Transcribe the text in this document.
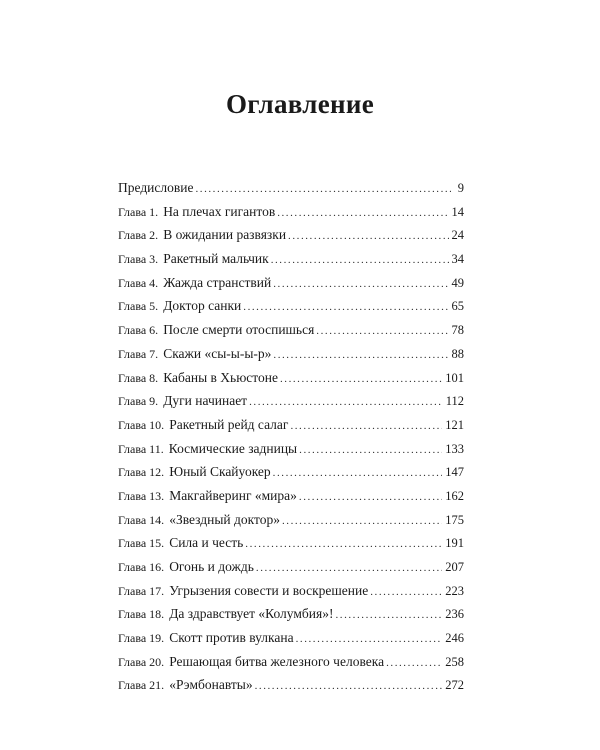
Оглавление
Предисловие . . .	9
Глава 1. На плечах гигантов . . .	14
Глава 2. В ожидании развязки . . .	24
Глава 3. Ракетный мальчик . . .	34
Глава 4. Жажда странствий . . .	49
Глава 5. Доктор санки . . .	65
Глава 6. После смерти отоспишься . . .	78
Глава 7. Скажи «сы-ы-ы-р» . . .	88
Глава 8. Кабаны в Хьюстоне . . .	101
Глава 9. Дуги начинает . . .	112
Глава 10. Ракетный рейд салаг . . .	121
Глава 11. Космические задницы . . .	133
Глава 12. Юный Скайуокер . . .	147
Глава 13. Макгайверинг «мира» . . .	162
Глава 14. «Звездный доктор» . . .	175
Глава 15. Сила и честь . . .	191
Глава 16. Огонь и дождь . . .	207
Глава 17. Угрызения совести и воскрешение . . .	223
Глава 18. Да здравствует «Колумбия»! . . .	236
Глава 19. Скотт против вулкана . . .	246
Глава 20. Решающая битва железного человека . . .	258
Глава 21. «Рэмбонавты» . . .	272
